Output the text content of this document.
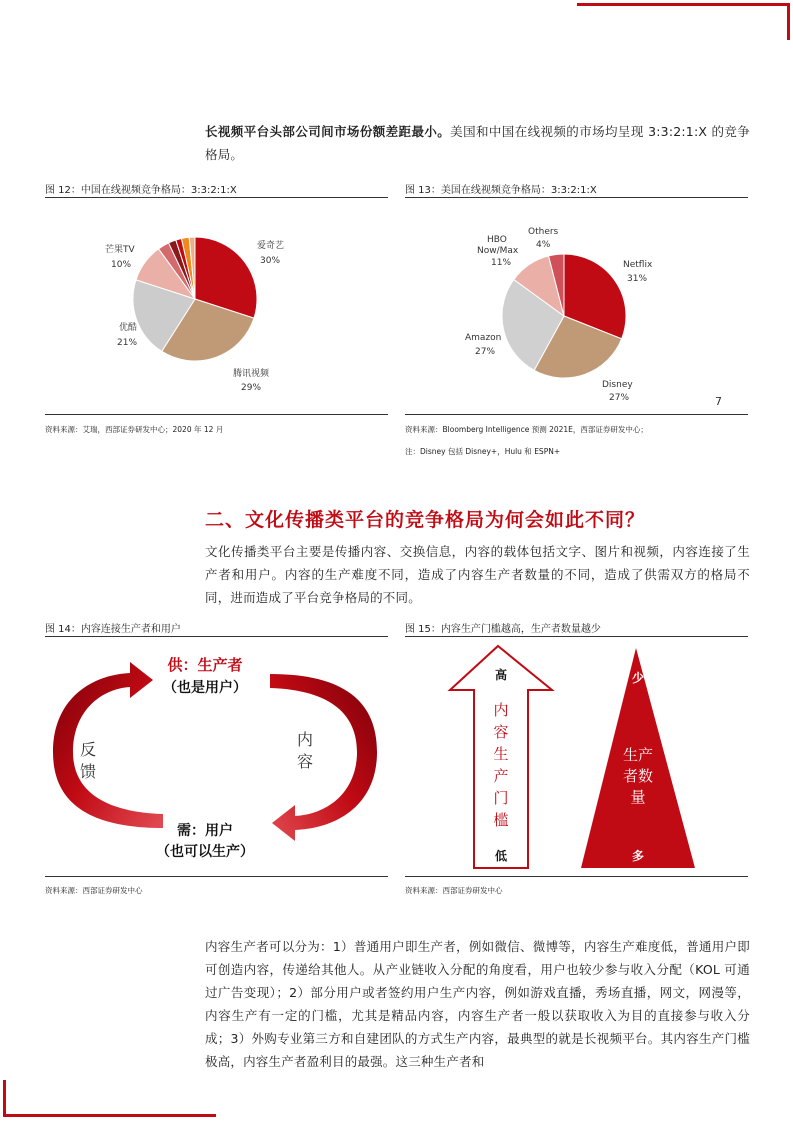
长视频平台头部公司间市场份额差距最小。美国和中国在线视频的市场均呈现 3:3:2:1:X 的竞争格局。
图 12：中国在线视频竞争格局：3:3:2:1:X
爱奇艺
30%
腾讯视频
29%
优酷
21%
芒果TV
10%
资料来源：艾瑞，西部证券研发中心；2020 年 12 月
图 13：美国在线视频竞争格局：3:3:2:1:X
Netflix
31%
Disney
27%
Amazon
27%
HBO
Now/Max
11%
Others
4%
7
资料来源：Bloomberg Intelligence 预测 2021E，西部证券研发中心；
注：Disney 包括 Disney+，Hulu 和 ESPN+
二、文化传播类平台的竞争格局为何会如此不同？
文化传播类平台主要是传播内容、交换信息，内容的载体包括文字、图片和视频，内容连接了生产者和用户。内容的生产难度不同，造成了内容生产者数量的不同，造成了供需双方的格局不同，进而造成了平台竞争格局的不同。
图 14：内容连接生产者和用户
供：生产者
（也是用户）
需：用户
（也可以生产）
反馈
内容
资料来源：西部证券研发中心
图 15：内容生产门槛越高，生产者数量越少
高
低
内容生产门槛
少
多
生产者数量
资料来源：西部证券研发中心
内容生产者可以分为：1）普通用户即生产者，例如微信、微博等，内容生产难度低，普通用户即可创造内容，传递给其他人。从产业链收入分配的角度看，用户也较少参与收入分配（KOL 可通过广告变现）；2）部分用户或者签约用户生产内容，例如游戏直播，秀场直播，网文，网漫等，内容生产有一定的门槛，尤其是精品内容，内容生产者一般以获取收入为目的直接参与收入分成；3）外购专业第三方和自建团队的方式生产内容，最典型的就是长视频平台。其内容生产门槛极高，内容生产者盈利目的最强。这三种生产者和
